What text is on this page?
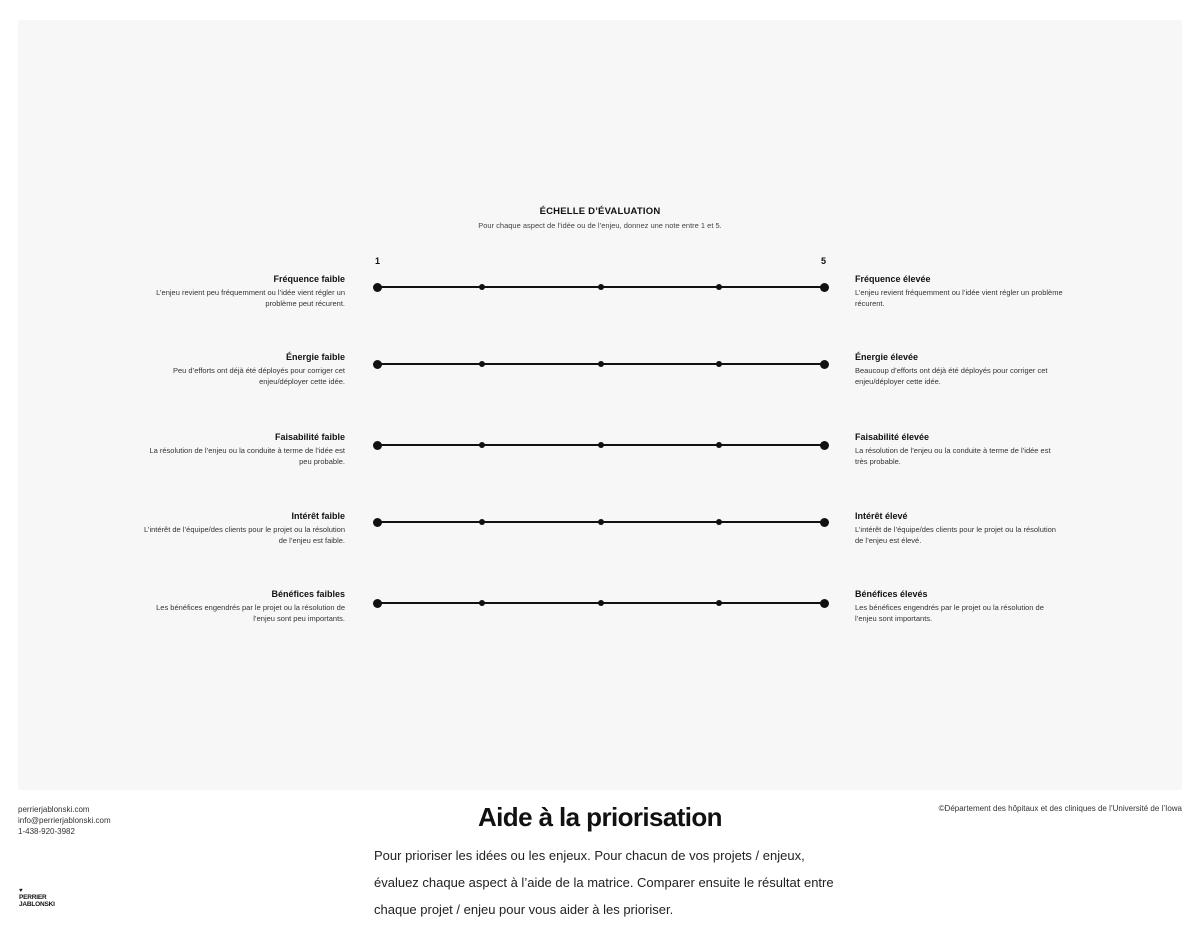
ÉCHELLE D’ÉVALUATION
Pour chaque aspect de l’idée ou de l’enjeu, donnez une note entre 1 et 5.
1	5
Fréquence faible
L’enjeu revient peu fréquemment ou l’idée vient régler un problème peut récurent.
Fréquence élevée
L’enjeu revient fréquemment ou l’idée vient régler un problème récurent.
Énergie faible
Peu d’efforts ont déjà été déployés pour corriger cet enjeu/déployer cette idée.
Énergie élevée
Beaucoup d’efforts ont déjà été déployés pour corriger cet enjeu/déployer cette idée.
Faisabilité faible
La résolution de l’enjeu ou la conduite à terme de l’idée est peu probable.
Faisabilité élevée
La résolution de l’enjeu ou la conduite à terme de l’idée est très probable.
Intérêt faible
L’intérêt de l’équipe/des clients pour le projet ou la résolution de l’enjeu est faible.
Intérêt élevé
L’intérêt de l’équipe/des clients pour le projet ou la résolution de l’enjeu est élevé.
Bénéfices faibles
Les bénéfices engendrés par le projet ou la résolution de l’enjeu sont peu importants.
Bénéfices élevés
Les bénéfices engendrés par le projet ou la résolution de l’enjeu sont importants.
perrierjablonski.com
info@perrierjablonski.com
1-438-920-3982	Aide à la priorisation
Pour prioriser les idées ou les enjeux. Pour chacun de vos projets / enjeux, évaluez chaque aspect à l’aide de la matrice. Comparer ensuite le résultat entre chaque projet / enjeu pour vous aider à les prioriser.
©Département des hôpitaux et des cliniques de l’Université de l’Iowa
♥
PERRIER
JABLONSKI
